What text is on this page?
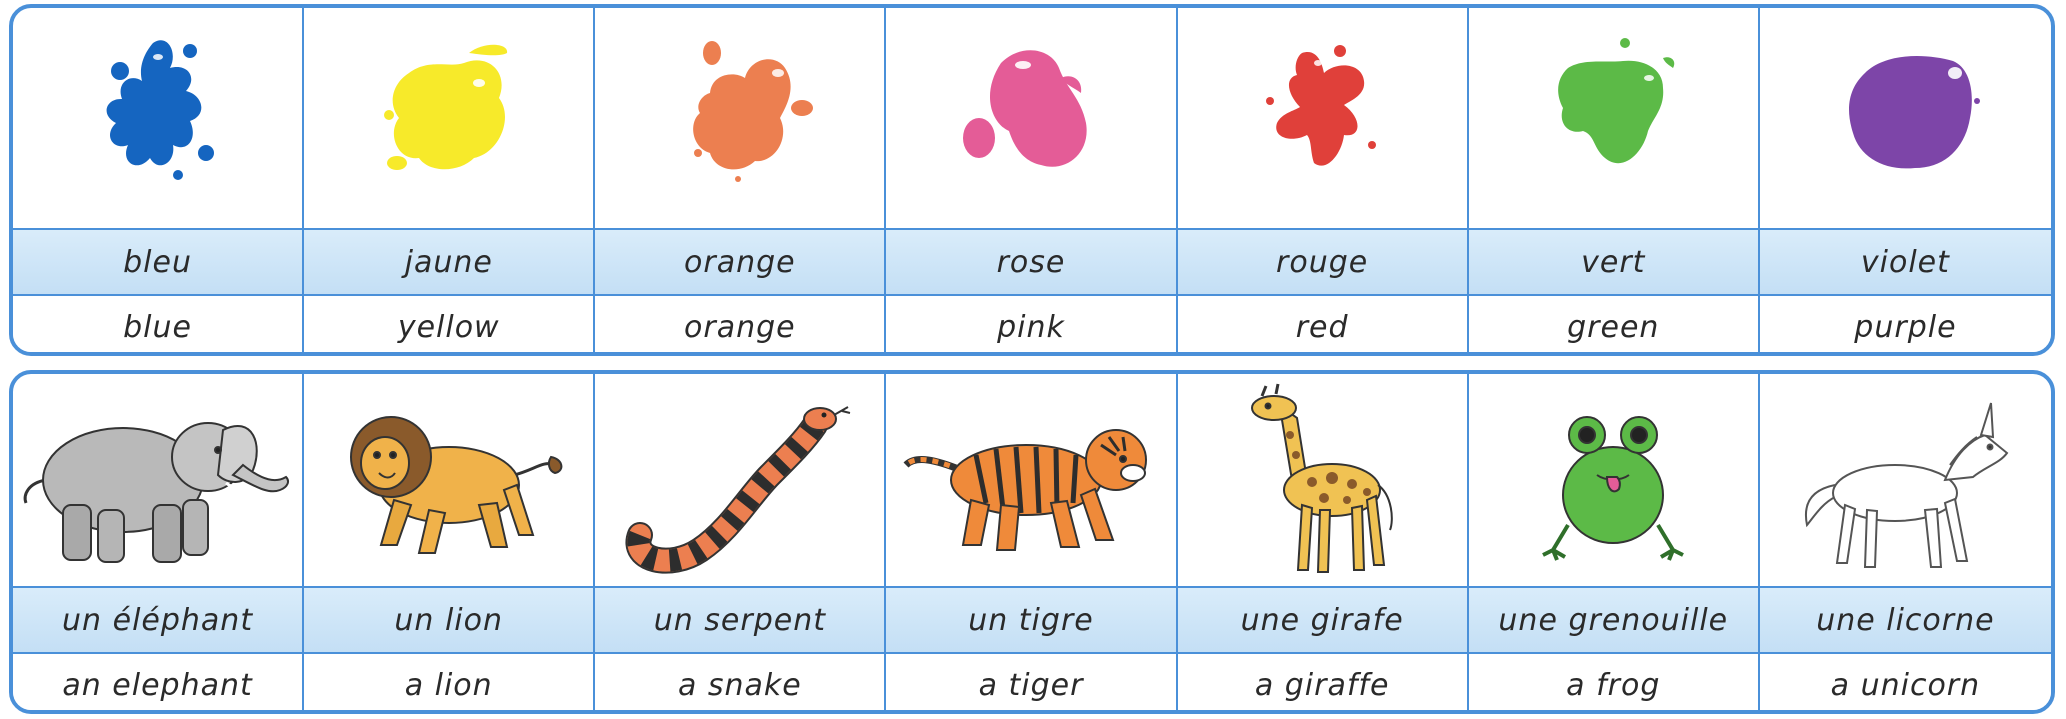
bleu
blue
jaune
yellow
orange
orange
rose
pink
rouge
red
vert
green
violet
purple
un éléphant
an elephant
un lion
a lion
un serpent
a snake
un tigre
a tiger
une girafe
a giraffe
une grenouille
a frog
une licorne
a unicorn
